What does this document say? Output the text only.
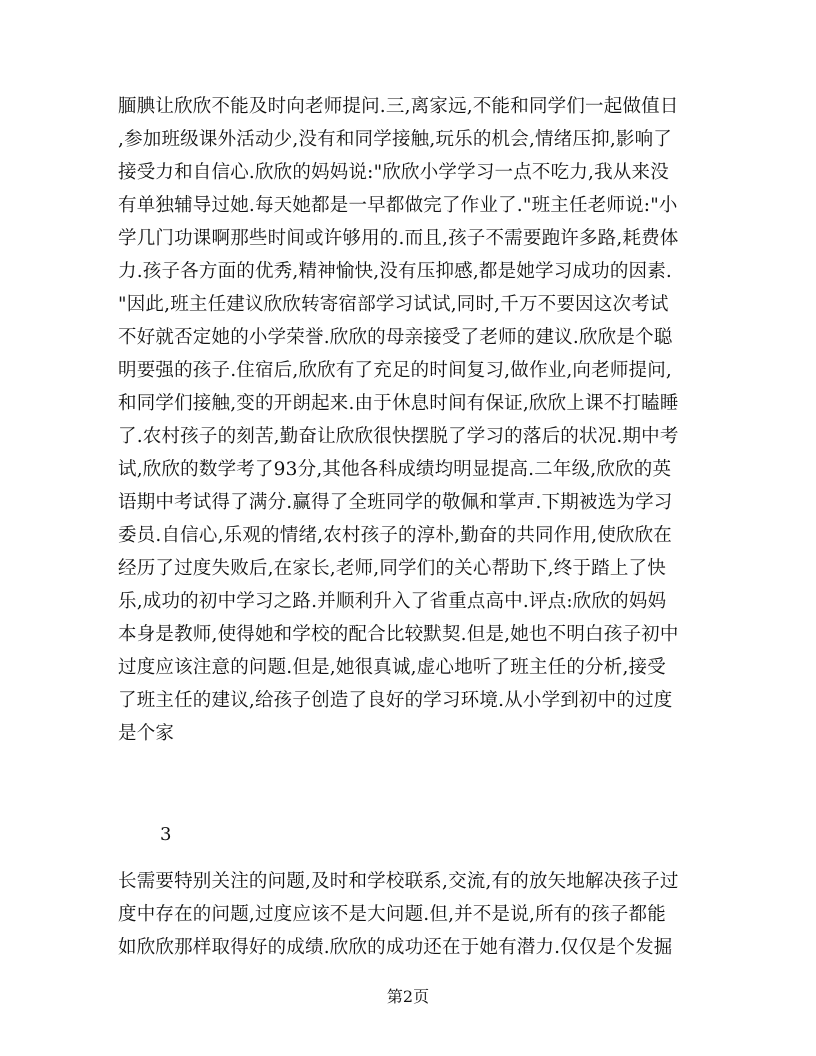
腼腆让欣欣不能及时向老师提问.三,离家远,不能和同学们一起做值日
,参加班级课外活动少,没有和同学接触,玩乐的机会,情绪压抑,影响了
接受力和自信心.欣欣的妈妈说:"欣欣小学学习一点不吃力,我从来没
有单独辅导过她.每天她都是一早都做完了作业了."班主任老师说:"小
学几门功课啊那些时间或许够用的.而且,孩子不需要跑许多路,耗费体
力.孩子各方面的优秀,精神愉快,没有压抑感,都是她学习成功的因素.
"因此,班主任建议欣欣转寄宿部学习试试,同时,千万不要因这次考试
不好就否定她的小学荣誉.欣欣的母亲接受了老师的建议.欣欣是个聪
明要强的孩子.住宿后,欣欣有了充足的时间复习,做作业,向老师提问,
和同学们接触,变的开朗起来.由于休息时间有保证,欣欣上课不打瞌睡
了.农村孩子的刻苦,勤奋让欣欣很快摆脱了学习的落后的状况.期中考
试,欣欣的数学考了93分,其他各科成绩均明显提高.二年级,欣欣的英
语期中考试得了满分.赢得了全班同学的敬佩和掌声.下期被选为学习
委员.自信心,乐观的情绪,农村孩子的淳朴,勤奋的共同作用,使欣欣在
经历了过度失败后,在家长,老师,同学们的关心帮助下,终于踏上了快
乐,成功的初中学习之路.并顺利升入了省重点高中.评点:欣欣的妈妈
本身是教师,使得她和学校的配合比较默契.但是,她也不明白孩子初中
过度应该注意的问题.但是,她很真诚,虚心地听了班主任的分析,接受
了班主任的建议,给孩子创造了良好的学习环境.从小学到初中的过度
是个家
3
长需要特别关注的问题,及时和学校联系,交流,有的放矢地解决孩子过
度中存在的问题,过度应该不是大问题.但,并不是说,所有的孩子都能
如欣欣那样取得好的成绩.欣欣的成功还在于她有潜力.仅仅是个发掘
第2页
